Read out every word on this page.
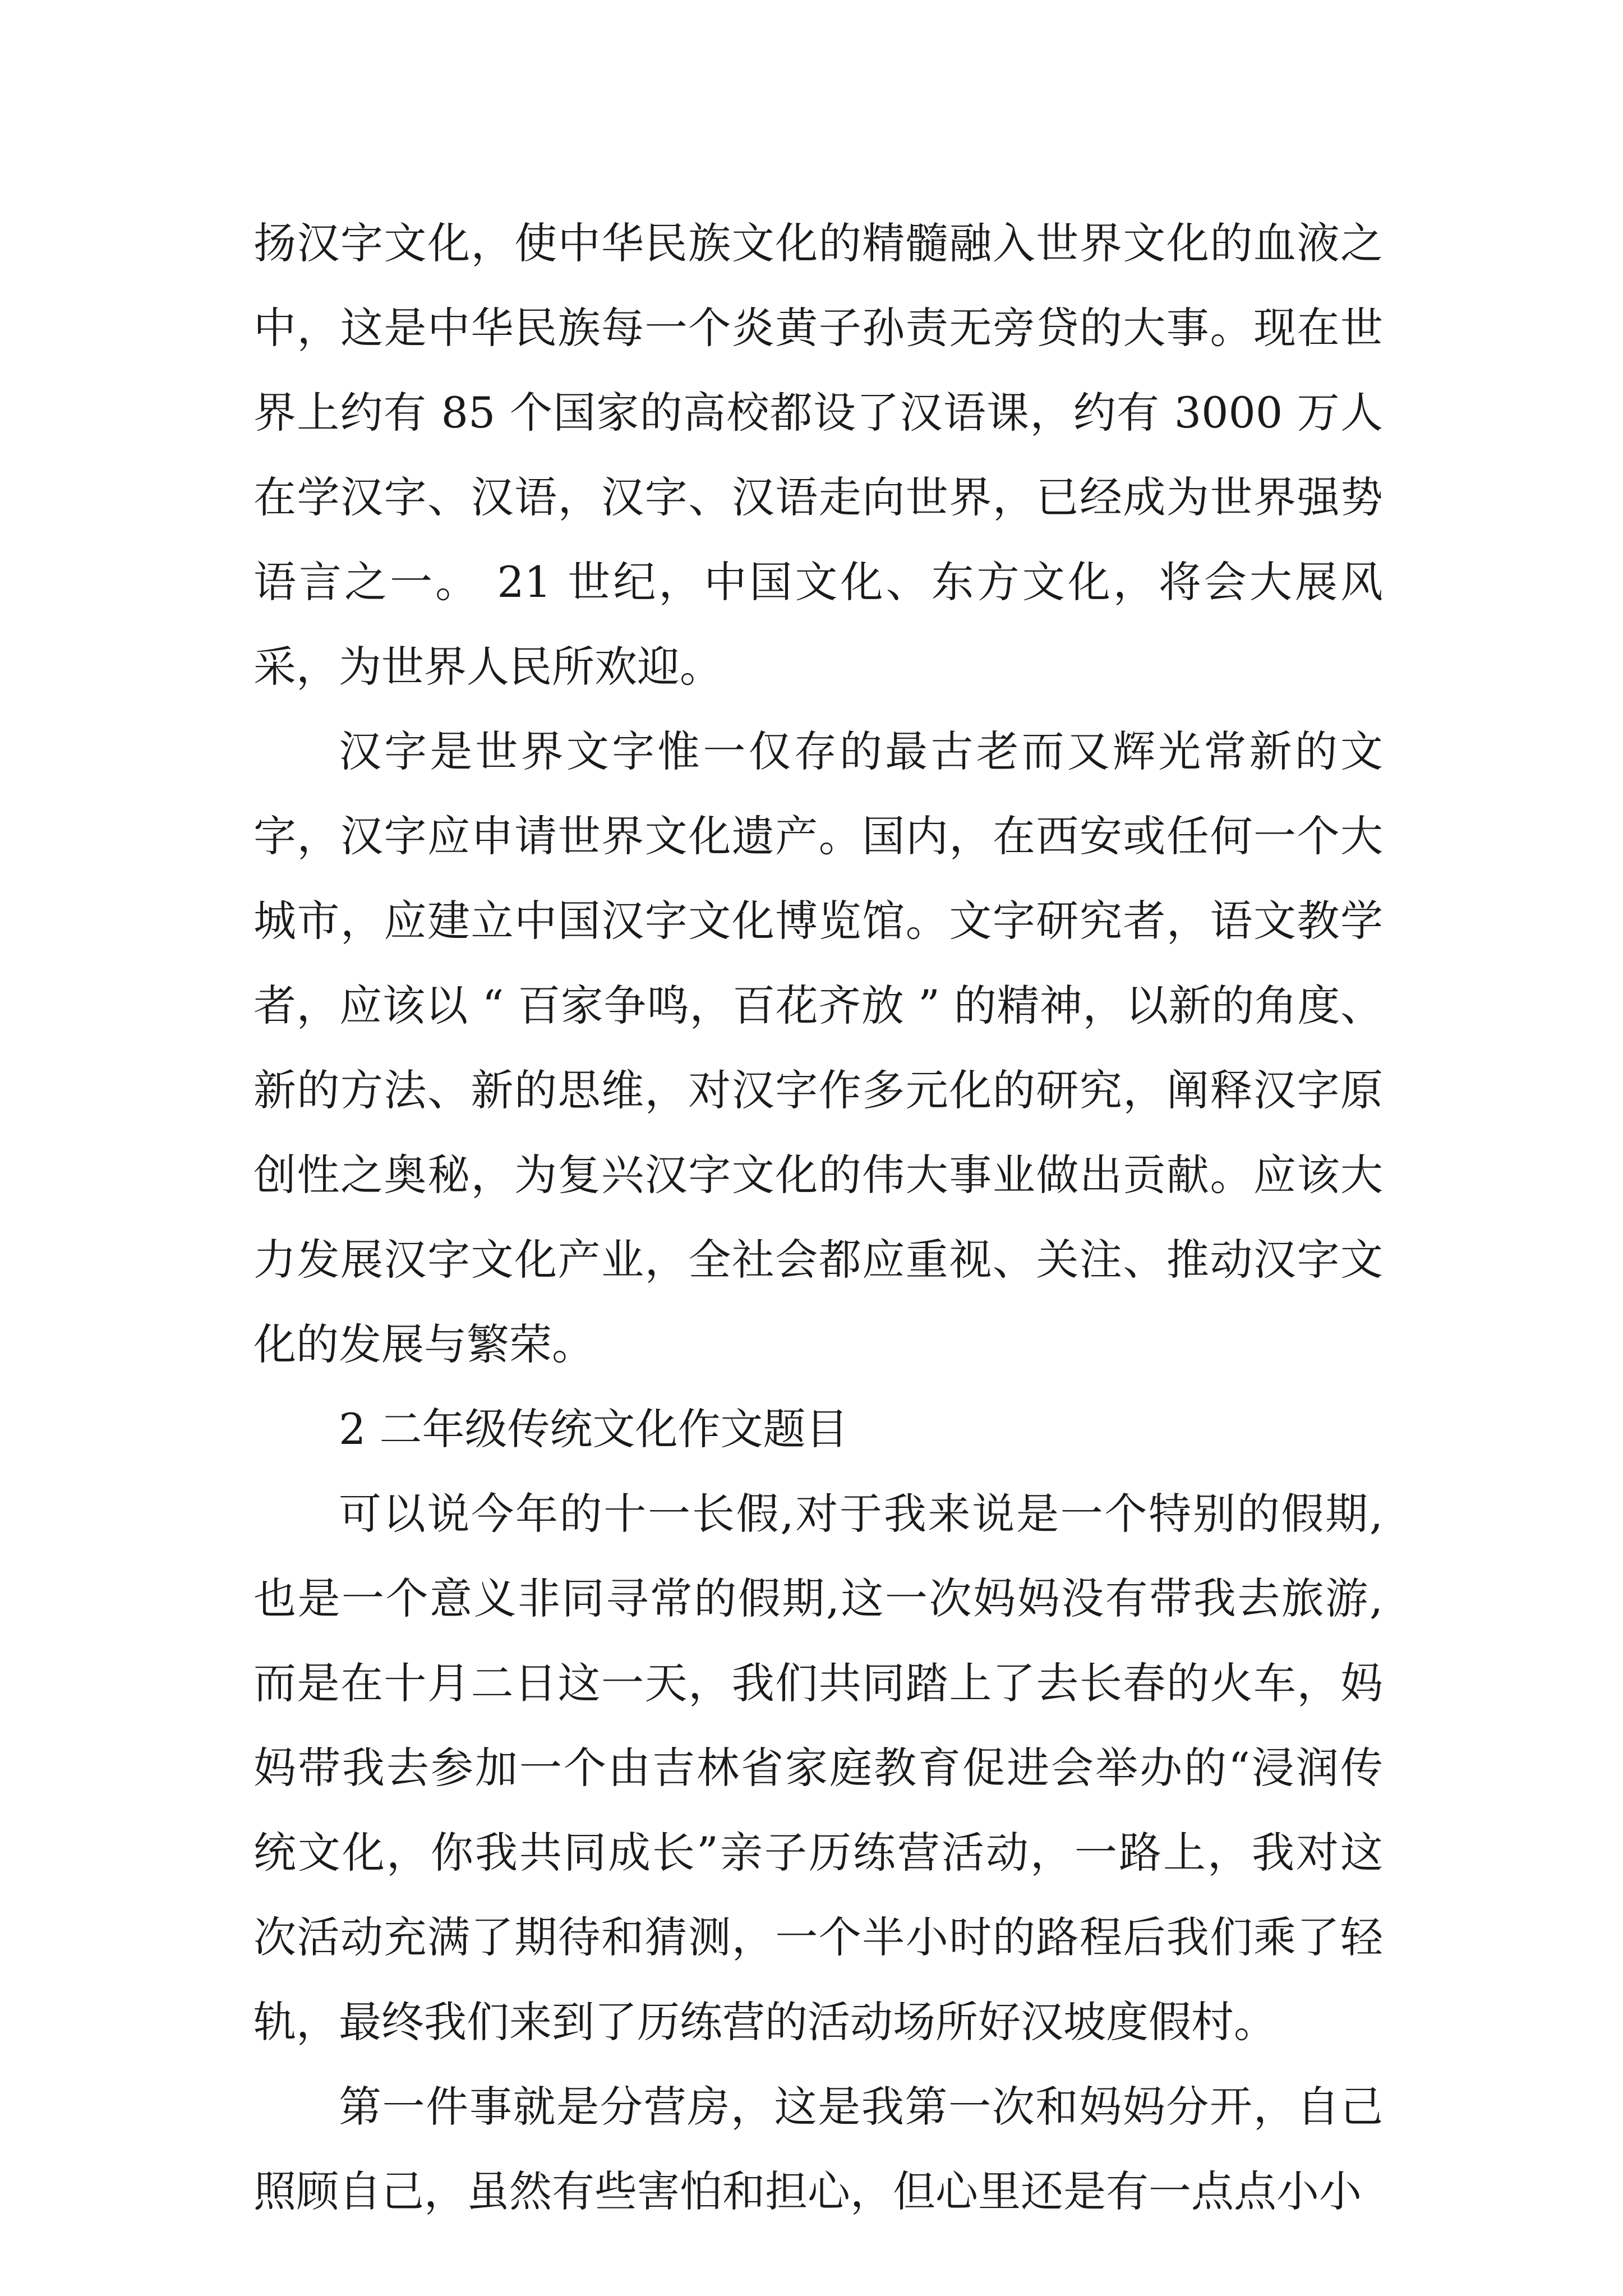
扬汉字文化，使中华民族文化的精髓融入世界文化的血液之中，这是中华民族每一个炎黄子孙责无旁贷的大事。现在世界上约有 85 个国家的高校都设了汉语课，约有 3000 万人在学汉字、汉语，汉字、汉语走向世界，已经成为世界强势语言之一。 21 世纪，中国文化、东方文化，将会大展风采，为世界人民所欢迎。

汉字是世界文字惟一仅存的最古老而又辉光常新的文字，汉字应申请世界文化遗产。国内，在西安或任何一个大城市，应建立中国汉字文化博览馆。文字研究者，语文教学者，应该以 “ 百家争鸣，百花齐放 ” 的精神，以新的角度、新的方法、新的思维，对汉字作多元化的研究，阐释汉字原创性之奥秘，为复兴汉字文化的伟大事业做出贡献。应该大力发展汉字文化产业，全社会都应重视、关注、推动汉字文化的发展与繁荣。

2 二年级传统文化作文题目

可以说今年的十一长假,对于我来说是一个特别的假期,也是一个意义非同寻常的假期,这一次妈妈没有带我去旅游,而是在十月二日这一天，我们共同踏上了去长春的火车，妈妈带我去参加一个由吉林省家庭教育促进会举办的“浸润传统文化，你我共同成长”亲子历练营活动，一路上，我对这次活动充满了期待和猜测，一个半小时的路程后我们乘了轻轨，最终我们来到了历练营的活动场所好汉坡度假村。

第一件事就是分营房，这是我第一次和妈妈分开，自己照顾自己，虽然有些害怕和担心，但心里还是有一点点小小
